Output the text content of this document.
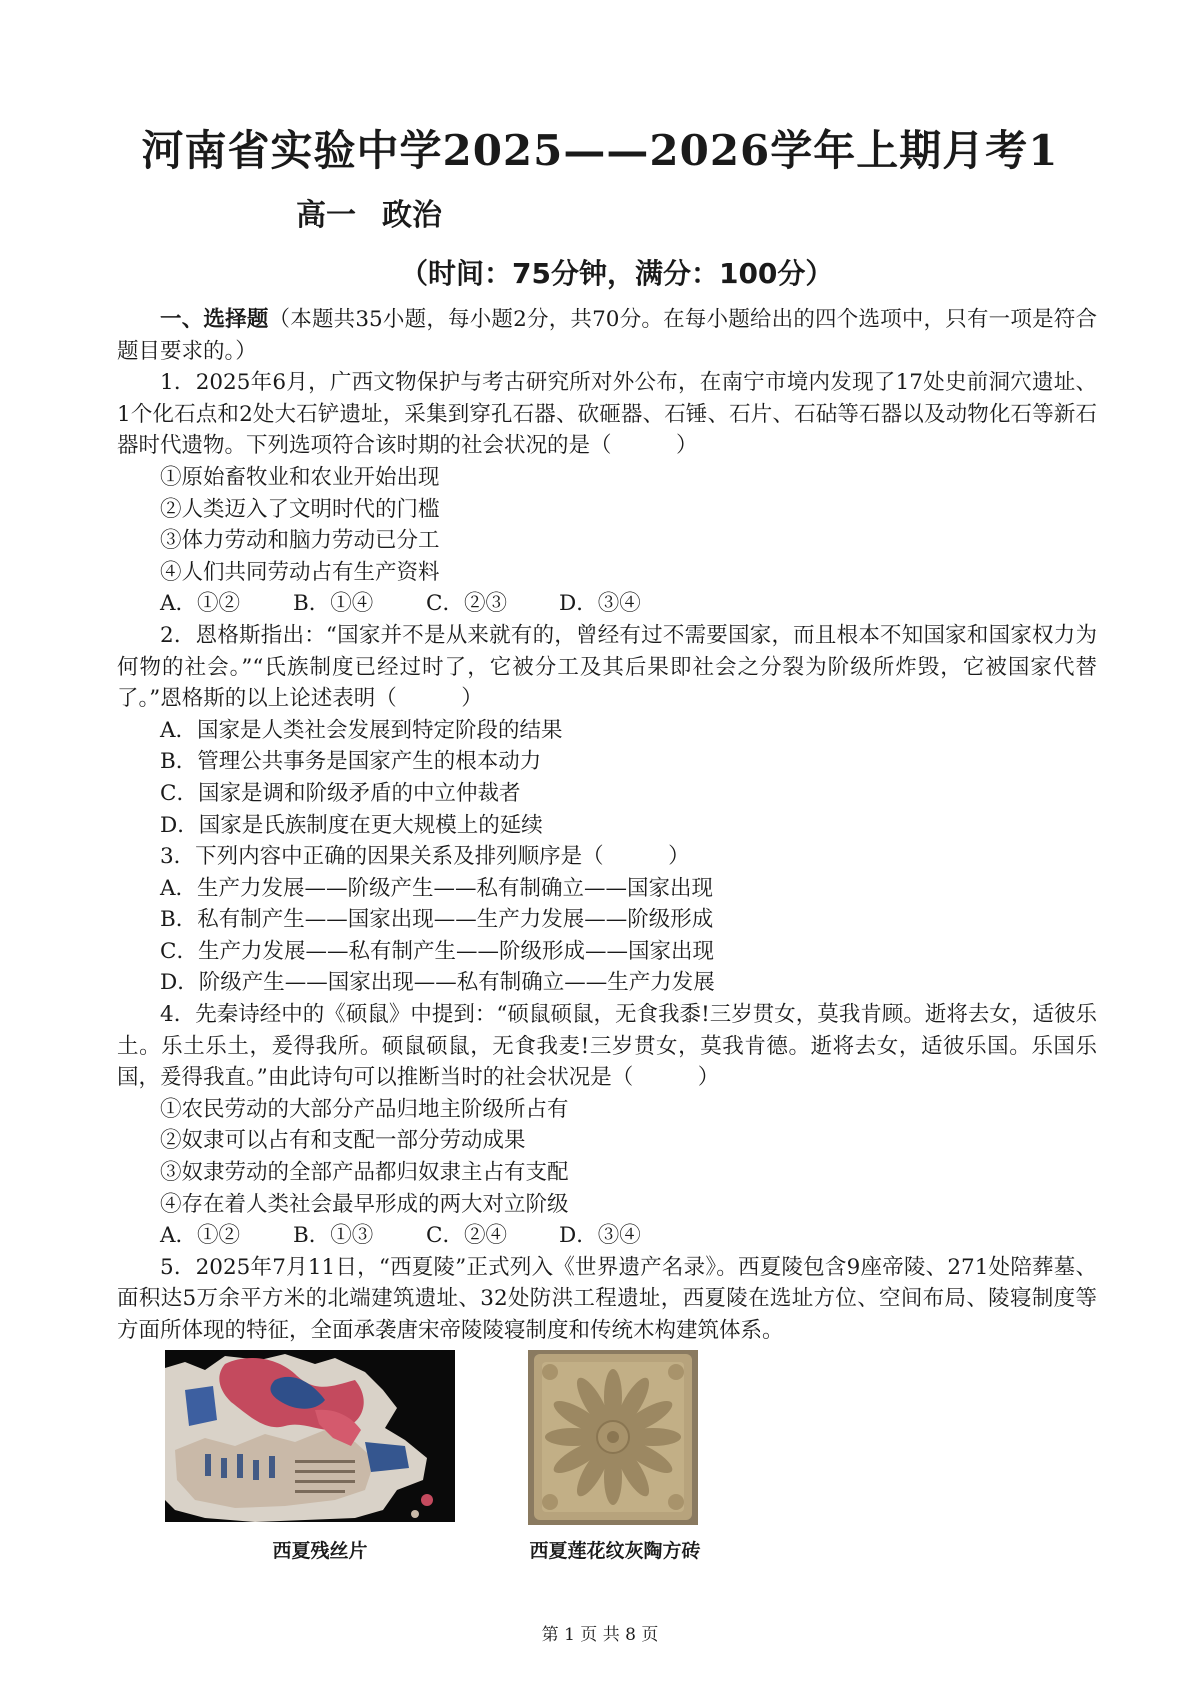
河南省实验中学2025——2026学年上期月考1
高一 政治
（时间：75分钟，满分：100分）

一、选择题（本题共35小题，每小题2分，共70分。在每小题给出的四个选项中，只有一项是符合题目要求的。）

1．2025年6月，广西文物保护与考古研究所对外公布，在南宁市境内发现了17处史前洞穴遗址、1个化石点和2处大石铲遗址，采集到穿孔石器、砍砸器、石锤、石片、石砧等石器以及动物化石等新石器时代遗物。下列选项符合该时期的社会状况的是（　　　）

①原始畜牧业和农业开始出现

②人类迈入了文明时代的门槛

③体力劳动和脑力劳动已分工

④人们共同劳动占有生产资料

A．①② B．①④ C．②③ D．③④

2．恩格斯指出：“国家并不是从来就有的，曾经有过不需要国家，而且根本不知国家和国家权力为何物的社会。”“氏族制度已经过时了，它被分工及其后果即社会之分裂为阶级所炸毁，它被国家代替了。”恩格斯的以上论述表明（　　　）

A．国家是人类社会发展到特定阶段的结果

B．管理公共事务是国家产生的根本动力

C．国家是调和阶级矛盾的中立仲裁者

D．国家是氏族制度在更大规模上的延续

3．下列内容中正确的因果关系及排列顺序是（　　　）

A．生产力发展——阶级产生——私有制确立——国家出现

B．私有制产生——国家出现——生产力发展——阶级形成

C．生产力发展——私有制产生——阶级形成——国家出现

D．阶级产生——国家出现——私有制确立——生产力发展

4．先秦诗经中的《硕鼠》中提到：“硕鼠硕鼠，无食我黍!三岁贯女，莫我肯顾。逝将去女，适彼乐土。乐土乐土，爰得我所。硕鼠硕鼠，无食我麦!三岁贯女，莫我肯德。逝将去女，适彼乐国。乐国乐国，爰得我直。”由此诗句可以推断当时的社会状况是（　　　）

①农民劳动的大部分产品归地主阶级所占有

②奴隶可以占有和支配一部分劳动成果

③奴隶劳动的全部产品都归奴隶主占有支配

④存在着人类社会最早形成的两大对立阶级

A．①② B．①③ C．②④ D．③④

5．2025年7月11日，“西夏陵”正式列入《世界遗产名录》。西夏陵包含9座帝陵、271处陪葬墓、面积达5万余平方米的北端建筑遗址、32处防洪工程遗址，西夏陵在选址方位、空间布局、陵寝制度等方面所体现的特征，全面承袭唐宋帝陵陵寝制度和传统木构建筑体系。

西夏残丝片	西夏莲花纹灰陶方砖
第 1 页 共 8 页
